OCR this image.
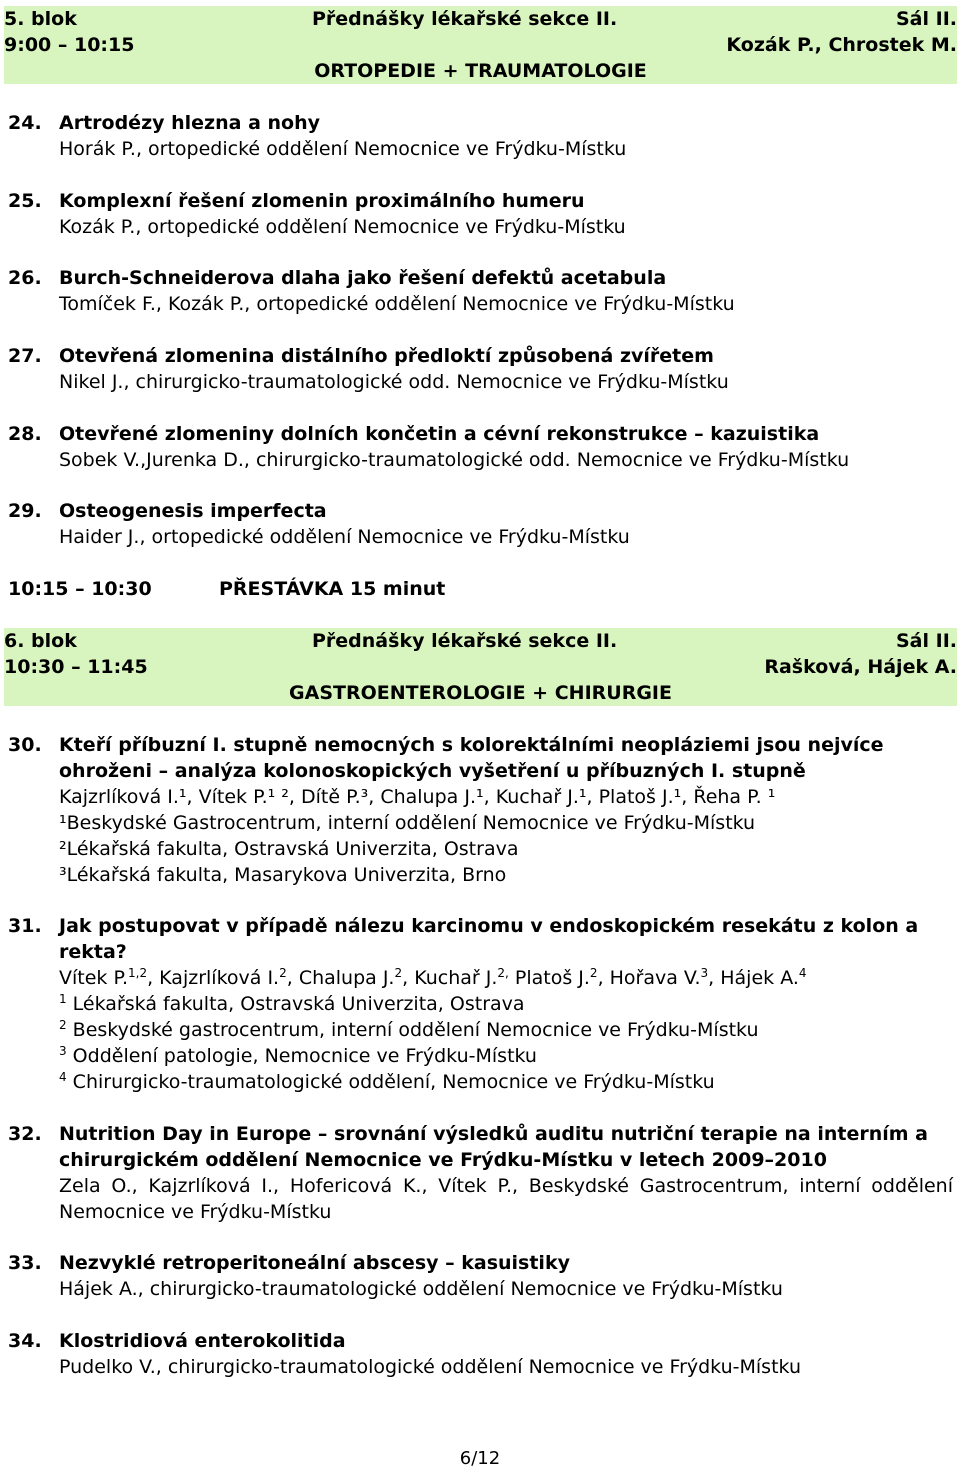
5. blok	Přednášky lékařské sekce II.	Sál II.
9:00 – 10:15	Kozák P., Chrostek M.
ORTOPEDIE + TRAUMATOLOGIE
24. Artrodézy hlezna a nohy
Horák P., ortopedické oddělení Nemocnice ve Frýdku-Místku
25. Komplexní řešení zlomenin proximálního humeru
Kozák P., ortopedické oddělení Nemocnice ve Frýdku-Místku
26. Burch-Schneiderova dlaha jako řešení defektů acetabula
Tomíček F., Kozák P., ortopedické oddělení Nemocnice ve Frýdku-Místku
27. Otevřená zlomenina distálního předloktí způsobená zvířetem
Nikel J., chirurgicko-traumatologické odd. Nemocnice ve Frýdku-Místku
28. Otevřené zlomeniny dolních končetin a cévní rekonstrukce – kazuistika
Sobek V.,Jurenka D., chirurgicko-traumatologické odd. Nemocnice ve Frýdku-Místku
29. Osteogenesis imperfecta
Haider J., ortopedické oddělení Nemocnice ve Frýdku-Místku
10:15 – 10:30	PŘESTÁVKA 15 minut
6. blok	Přednášky lékařské sekce II.	Sál II.
10:30 – 11:45	Rašková, Hájek A.
GASTROENTEROLOGIE + CHIRURGIE
30. Kteří příbuzní I. stupně nemocných s kolorektálními neopláziemi jsou nejvíce ohroženi – analýza kolonoskopických vyšetření u příbuzných I. stupně
Kajzrlíková I.¹, Vítek P.¹ ², Dítě P.³, Chalupa J.¹, Kuchař J.¹, Platoš J.¹, Řeha P. ¹
¹Beskydské Gastrocentrum, interní oddělení Nemocnice ve Frýdku-Místku
²Lékařská fakulta, Ostravská Univerzita, Ostrava
³Lékařská fakulta, Masarykova Univerzita, Brno
31. Jak postupovat v případě nálezu karcinomu v endoskopickém resekátu z kolon a rekta?
Vítek P.$^{1,2}$, Kajzrlíková I.$^2$, Chalupa J.$^2$, Kuchař J.$^{2,}$ Platoš J.$^2$, Hořava V.$^3$, Hájek A.$^4$
$^1$ Lékařská fakulta, Ostravská Univerzita, Ostrava
$^2$ Beskydské gastrocentrum, interní oddělení Nemocnice ve Frýdku-Místku
$^3$ Oddělení patologie, Nemocnice ve Frýdku-Místku
$^4$ Chirurgicko-traumatologické oddělení, Nemocnice ve Frýdku-Místku
32. Nutrition Day in Europe – srovnání výsledků auditu nutriční terapie na interním a chirurgickém oddělení Nemocnice ve Frýdku-Místku v letech 2009–2010
Zela O., Kajzrlíková I., Hofericová K., Vítek P., Beskydské Gastrocentrum, interní oddělení Nemocnice ve Frýdku-Místku
33. Nezvyklé retroperitoneální abscesy – kasuistiky
Hájek A., chirurgicko-traumatologické oddělení Nemocnice ve Frýdku-Místku
34. Klostridiová enterokolitida
Pudelko V., chirurgicko-traumatologické oddělení Nemocnice ve Frýdku-Místku
6/12
